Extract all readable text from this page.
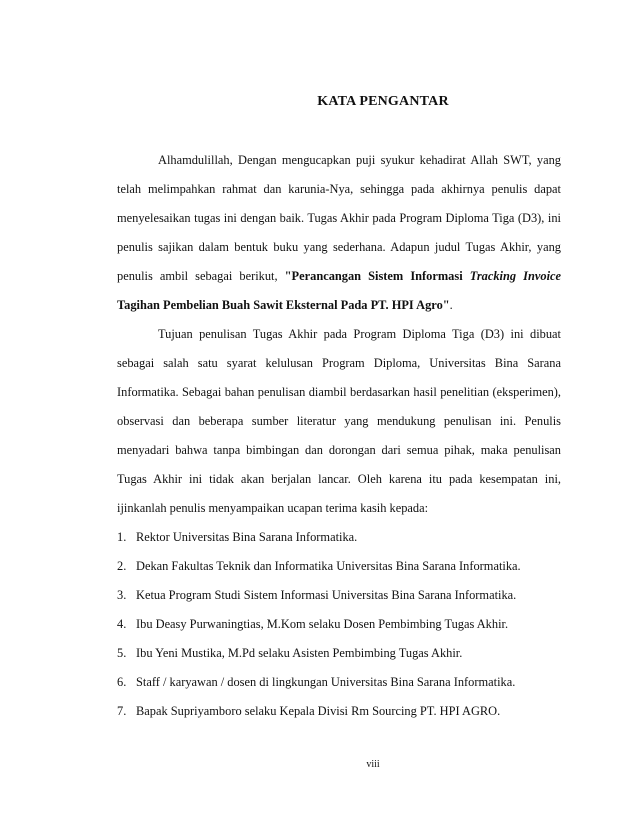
KATA PENGANTAR

Alhamdulillah, Dengan mengucapkan puji syukur kehadirat Allah SWT, yang telah melimpahkan rahmat dan karunia-Nya, sehingga pada akhirnya penulis dapat menyelesaikan tugas ini dengan baik. Tugas Akhir pada Program Diploma Tiga (D3), ini penulis sajikan dalam bentuk buku yang sederhana. Adapun judul Tugas Akhir, yang penulis ambil sebagai berikut, "Perancangan Sistem Informasi Tracking Invoice Tagihan Pembelian Buah Sawit Eksternal Pada PT. HPI Agro".

Tujuan penulisan Tugas Akhir pada Program Diploma Tiga (D3) ini dibuat sebagai salah satu syarat kelulusan Program Diploma, Universitas Bina Sarana Informatika. Sebagai bahan penulisan diambil berdasarkan hasil penelitian (eksperimen), observasi dan beberapa sumber literatur yang mendukung penulisan ini. Penulis menyadari bahwa tanpa bimbingan dan dorongan dari semua pihak, maka penulisan Tugas Akhir ini tidak akan berjalan lancar. Oleh karena itu pada kesempatan ini, ijinkanlah penulis menyampaikan ucapan terima kasih kepada:

1. Rektor Universitas Bina Sarana Informatika.
2. Dekan Fakultas Teknik dan Informatika Universitas Bina Sarana Informatika.
3. Ketua Program Studi Sistem Informasi Universitas Bina Sarana Informatika.
4. Ibu Deasy Purwaningtias, M.Kom selaku Dosen Pembimbing Tugas Akhir.
5. Ibu Yeni Mustika, M.Pd selaku Asisten Pembimbing Tugas Akhir.
6. Staff / karyawan / dosen di lingkungan Universitas Bina Sarana Informatika.
7. Bapak Supriyamboro selaku Kepala Divisi Rm Sourcing PT. HPI AGRO.
viii
